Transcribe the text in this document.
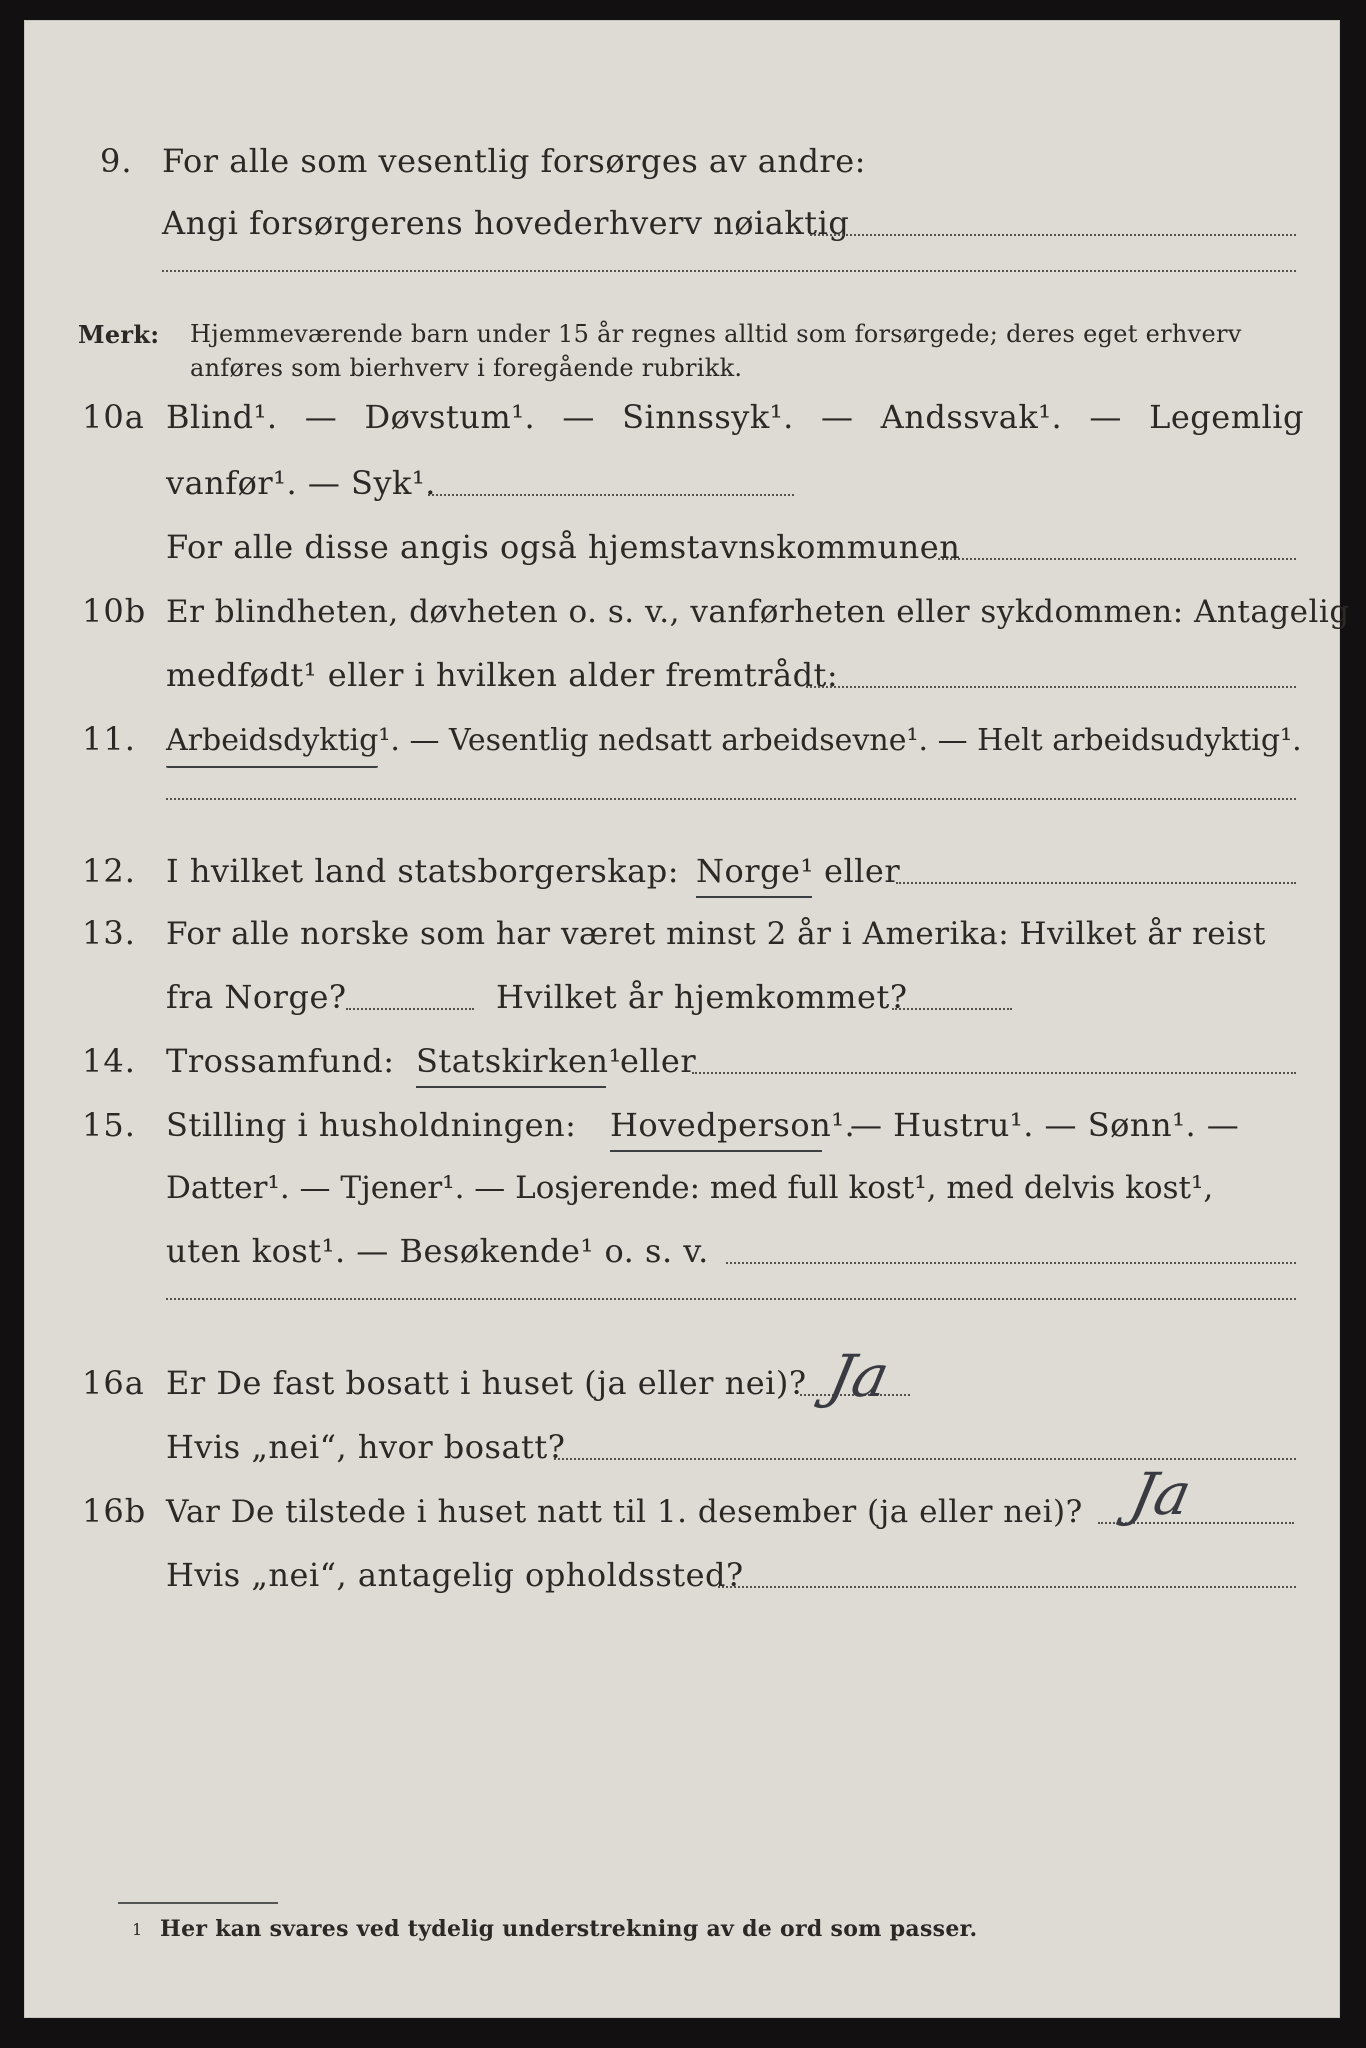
9. For alle som vesentlig forsørges av andre:
Angi forsørgerens hovederhverv nøiaktig
Merk: Hjemmeværende barn under 15 år regnes alltid som forsørgede; deres eget erhverv
anføres som bierhverv i foregående rubrikk.
10a Blind¹. — Døvstum¹. — Sinnssyk¹. — Andssvak¹. — Legemlig
vanfør¹. — Syk¹.
For alle disse angis også hjemstavnskommunen
10b Er blindheten, døvheten o. s. v., vanførheten eller sykdommen: Antagelig
medfødt¹ eller i hvilken alder fremtrådt:
11. Arbeidsdyktig¹. — Vesentlig nedsatt arbeidsevne¹. — Helt arbeidsudyktig¹.
12. I hvilket land statsborgerskap: Norge¹ eller
13. For alle norske som har været minst 2 år i Amerika: Hvilket år reist
fra Norge?	Hvilket år hjemkommet?
14. Trossamfund: Statskirken¹
eller
15. Stilling i husholdningen: Hovedperson¹.
— Hustru¹. — Sønn¹. —
Datter¹. — Tjener¹. — Losjerende: med full kost¹, med delvis kost¹,
uten kost¹. — Besøkende¹ o. s. v.
16a Er De fast bosatt i huset (ja eller nei)? Ja
Hvis „nei“, hvor bosatt?
16b Var De tilstede i huset natt til 1. desember (ja eller nei)? Ja
Hvis „nei“, antagelig opholdssted?
1 Her kan svares ved tydelig understrekning av de ord som passer.
